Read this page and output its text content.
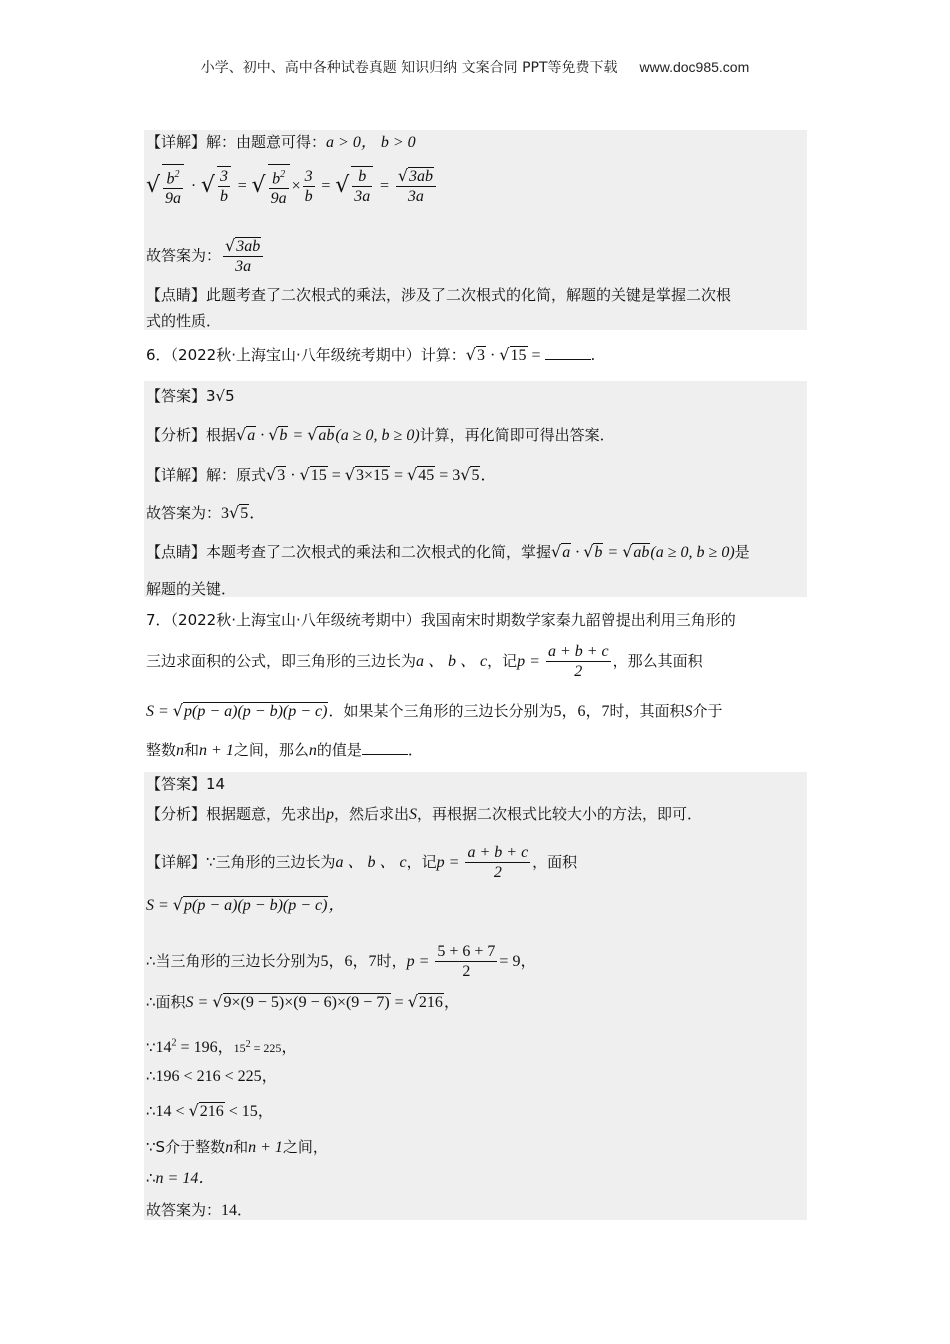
小学、初中、高中各种试卷真题 知识归纳 文案合同 PPT等免费下载 www.doc985.com
【详解】解：由题意可得：a > 0， b > 0
√ $\frac{b^2}{9a}$ · √ $\frac{3}{b}$ = √ $\frac{b^2}{9a} \times \frac{3}{b}$ = √ $\frac{b}{3a} = \frac{√3ab}{3a}$
故答案为： $\frac{√3ab}{3a}$
【点睛】此题考查了二次根式的乘法，涉及了二次根式的化简，解题的关键是掌握二次根
式的性质．
6．（2022秋·上海宝山·八年级统考期中）计算：√3 · √15 =	.
【答案】3√5
【分析】根据√a · √b = √ab(a ≥ 0, b ≥ 0)计算，再化简即可得出答案．
【详解】解：原式√3 · √15 = √3×15 = √45 = 3√5．
故答案为：3√5．
【点睛】本题考查了二次根式的乘法和二次根式的化简，掌握√a · √b = √ab(a ≥ 0, b ≥ 0)是
解题的关键．
7．（2022秋·上海宝山·八年级统考期中）我国南宋时期数学家秦九韶曾提出利用三角形的
三边求面积的公式，即三角形的三边长为a 、 b 、 c，记$p = \frac{a + b + c}{2}$ ，那么其面积
S = √p(p − a)(p − b)(p − c)．如果某个三角形的三边长分别为5，6，7时，其面积S介于
整数n和n + 1之间，那么n的值是	．
【答案】14
【分析】根据题意，先求出p，然后求出S，再根据二次根式比较大小的方法，即可．
【详解】∵三角形的三边长为a 、 b 、 c，记$p = \frac{a + b + c}{2}$ ，面积
S = √p(p − a)(p − b)(p − c)，
∴当三角形的三边长分别为5，6，7时，$p = \frac{5 + 6 + 7}{2} = 9$，
∴面积S = √9×(9 − 5)×(9 − 6)×(9 − 7) = √216，
$\because 14^2 = 196$，$15^2 = 225$，
∴196 < 216 < 225，
∴14 < √216 < 15，
∵S介于整数n和n + 1之间，
∴n = 14．
故答案为：14．
